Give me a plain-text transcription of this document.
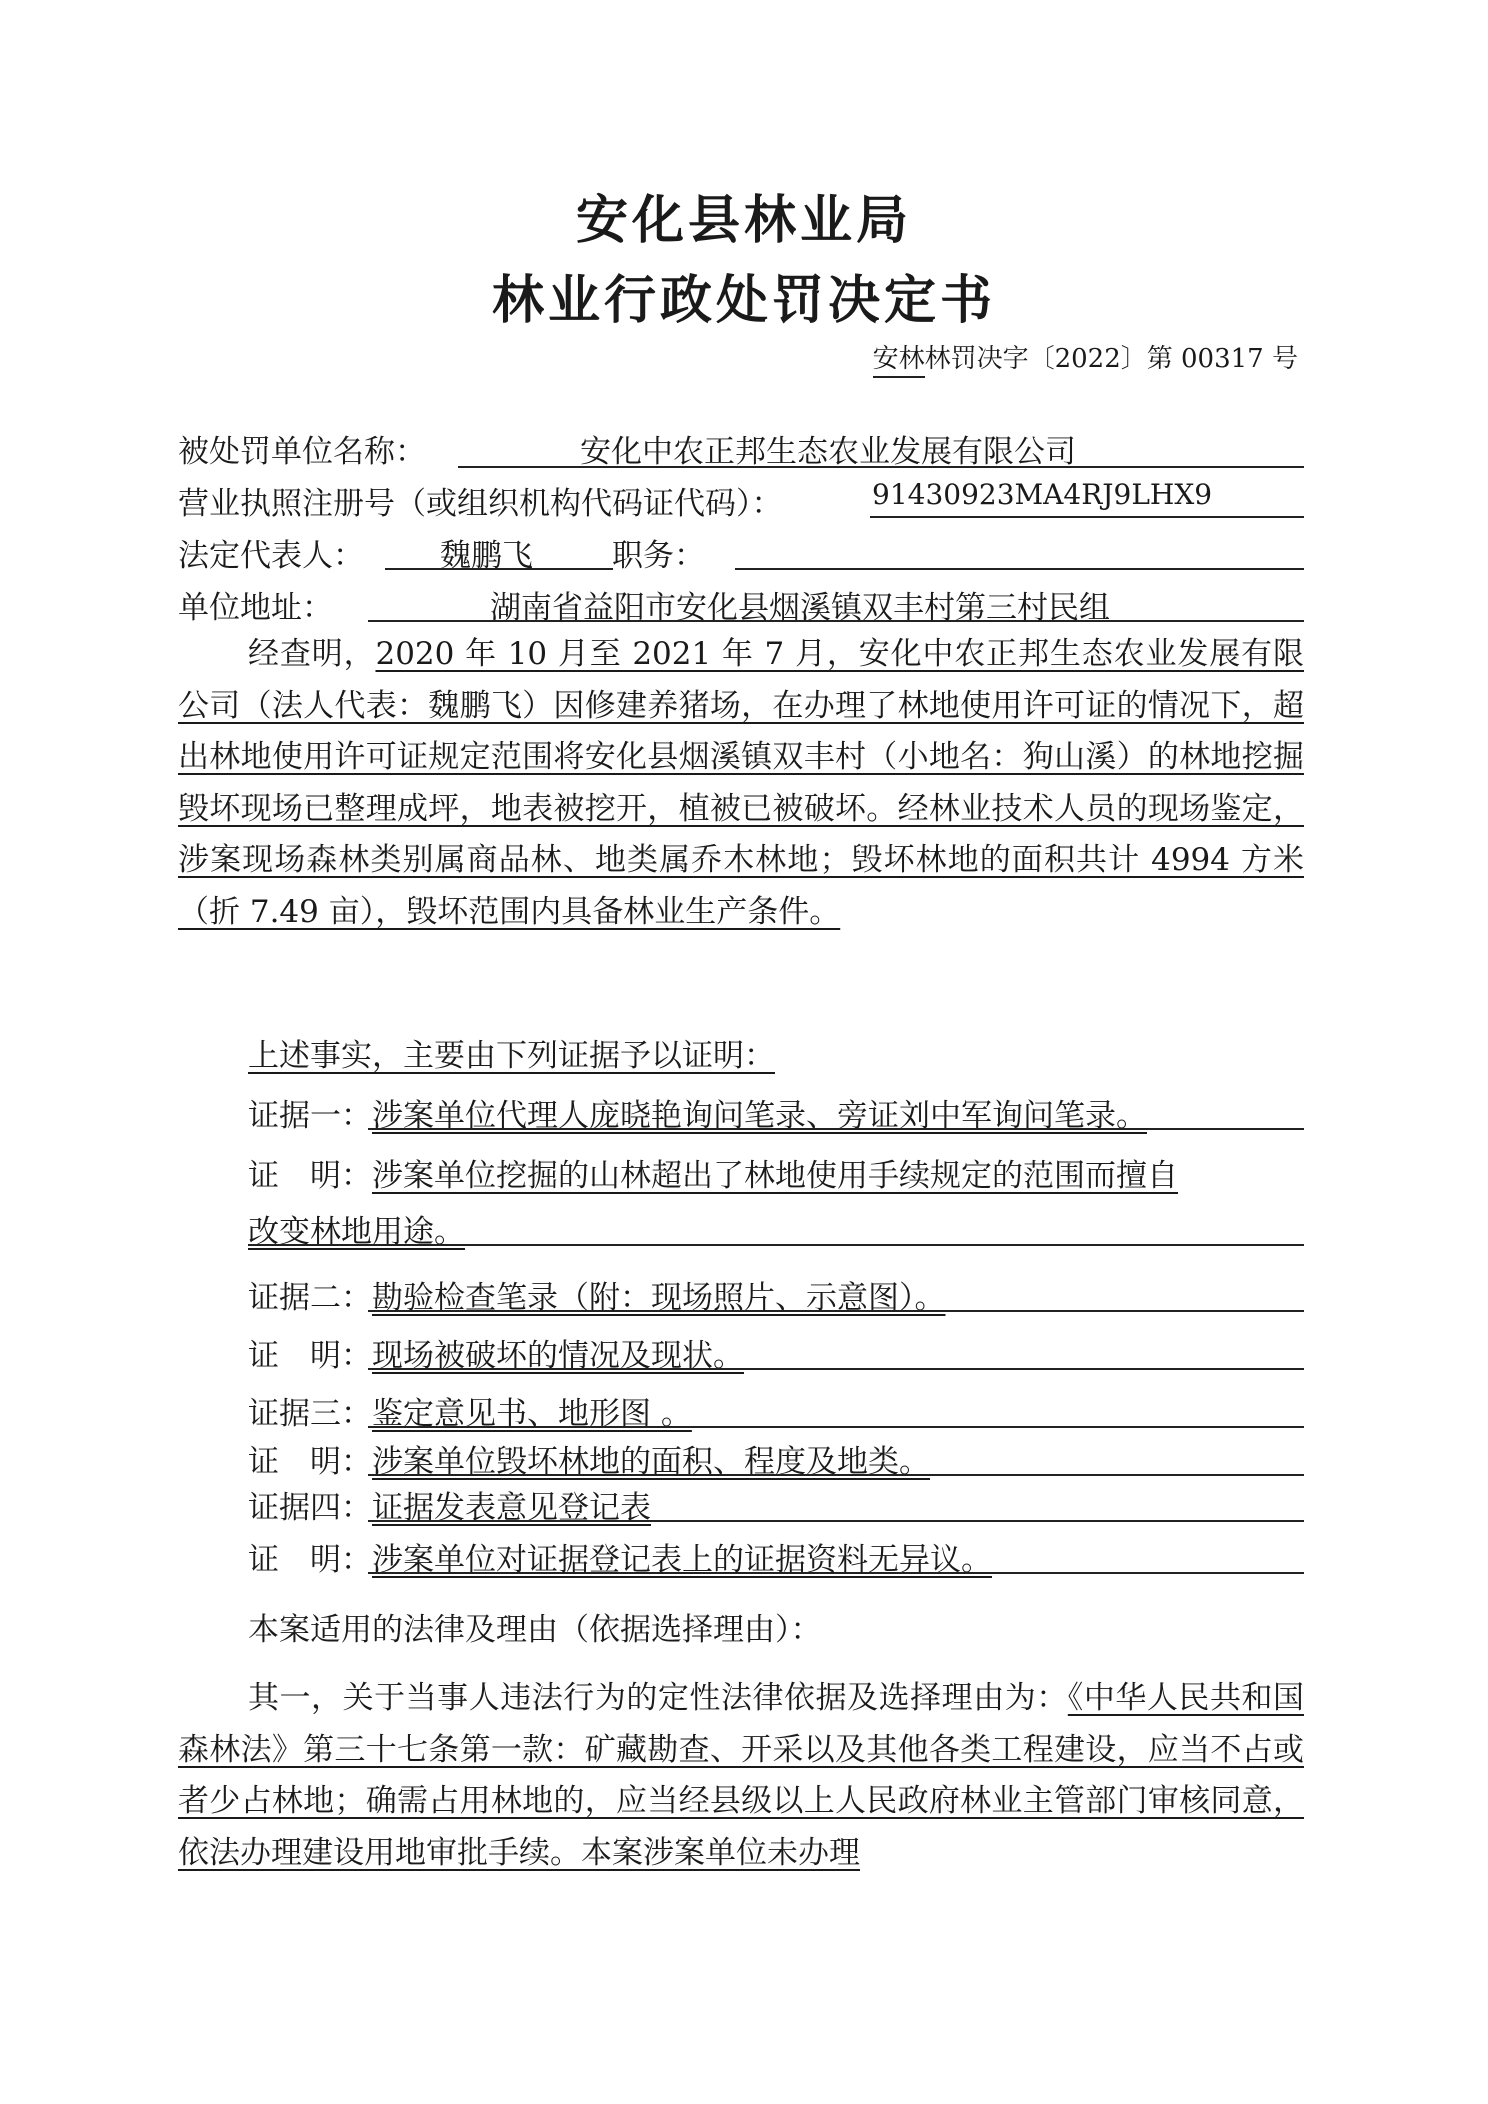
安化县林业局
林业行政处罚决定书
安林林罚决字〔2022〕第 00317 号
被处罚单位名称：	安化中农正邦生态农业发展有限公司
营业执照注册号（或组织机构代码证代码）：	91430923MA4RJ9LHX9
法定代表人： 魏鹏飞	职务：
单位地址：	湖南省益阳市安化县烟溪镇双丰村第三村民组
经查明，2020 年 10 月至 2021 年 7 月，安化中农正邦生态农业发展有限公司（法人代表：魏鹏飞）因修建养猪场，在办理了林地使用许可证的情况下，超出林地使用许可证规定范围将安化县烟溪镇双丰村（小地名：狗山溪）的林地挖掘毁坏现场已整理成坪，地表被挖开，植被已被破坏。经林业技术人员的现场鉴定，涉案现场森林类别属商品林、地类属乔木林地；毁坏林地的面积共计 4994 方米（折 7.49 亩），毁坏范围内具备林业生产条件。
上述事实，主要由下列证据予以证明：
证据一：涉案单位代理人庞晓艳询问笔录、旁证刘中军询问笔录。
证　明：涉案单位挖掘的山林超出了林地使用手续规定的范围而擅自
改变林地用途。
证据二：勘验检查笔录（附：现场照片、示意图）。
证　明：现场被破坏的情况及现状。
证据三：鉴定意见书、地形图 。
证　明：涉案单位毁坏林地的面积、程度及地类。
证据四：证据发表意见登记表
证　明：涉案单位对证据登记表上的证据资料无异议。
本案适用的法律及理由（依据选择理由）：
其一，关于当事人违法行为的定性法律依据及选择理由为：《中华人民共和国森林法》第三十七条第一款：矿藏勘查、开采以及其他各类工程建设，应当不占或者少占林地；确需占用林地的，应当经县级以上人民政府林业主管部门审核同意，依法办理建设用地审批手续。本案涉案单位未办理
